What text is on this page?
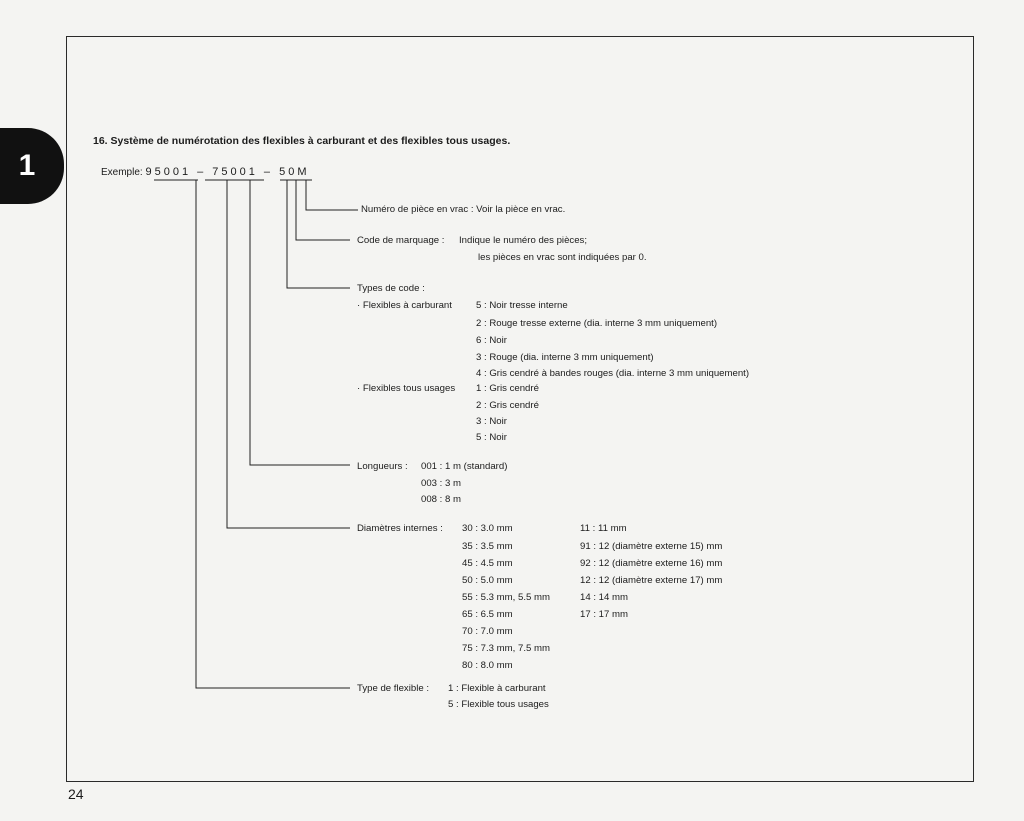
1
24
16. Système de numérotation des flexibles à carburant et des flexibles tous usages.
Exemple: 95001 – 75001 – 50M
Numéro de pièce en vrac : Voir la pièce en vrac.
Code de marquage : Indique le numéro des pièces;
les pièces en vrac sont indiquées par 0.
Types de code :
· Flexibles à carburant	5 : Noir tresse interne
2 : Rouge tresse externe (dia. interne 3 mm uniquement)
6 : Noir
3 : Rouge (dia. interne 3 mm uniquement)
4 : Gris cendré à bandes rouges (dia. interne 3 mm uniquement)
· Flexibles tous usages 1 : Gris cendré
2 : Gris cendré
3 : Noir
5 : Noir
Longueurs : 001 : 1 m (standard)
003 : 3 m
008 : 8 m
Diamètres internes : 30 : 3.0 mm
35 : 3.5 mm
45 : 4.5 mm
50 : 5.0 mm
55 : 5.3 mm, 5.5 mm
65 : 6.5 mm
70 : 7.0 mm
75 : 7.3 mm, 7.5 mm
80 : 8.0 mm
11 : 11 mm
91 : 12 (diamètre externe 15) mm
92 : 12 (diamètre externe 16) mm
12 : 12 (diamètre externe 17) mm
14 : 14 mm
17 : 17 mm
Type de flexible : 1 : Flexible à carburant
5 : Flexible tous usages
